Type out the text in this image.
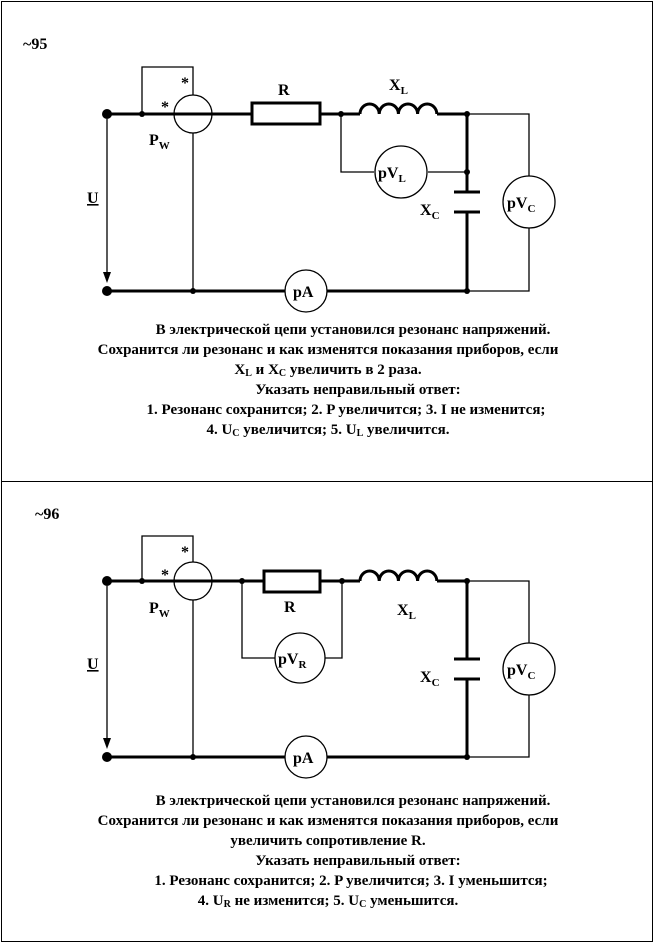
~95
*
*
$P_W$
R	$X_L$
$pV_L$
$X_C$
$pV_C$
pA
U
В электрической цепи установился резонанс напряжений.
Сохранится ли резонанс и как изменятся показания приборов, если
$X_L$ и $X_C$ увеличить в 2 раза.
Указать неправильный ответ:
1. Резонанс сохранится; 2. P увеличится; 3. I не изменится;
4. $U_C$ увеличится; 5. $U_L$ увеличится.
~96
*
*
$P_W$	R
$pV_R$
$X_L$
$X_C$
$pV_C$
pA
U
В электрической цепи установился резонанс напряжений.
Сохранится ли резонанс и как изменятся показания приборов, если
увеличить сопротивление R.
Указать неправильный ответ:
1. Резонанс сохранится; 2. P увеличится; 3. I уменьшится;
4. $U_R$ не изменится; 5. $U_C$ уменьшится.
